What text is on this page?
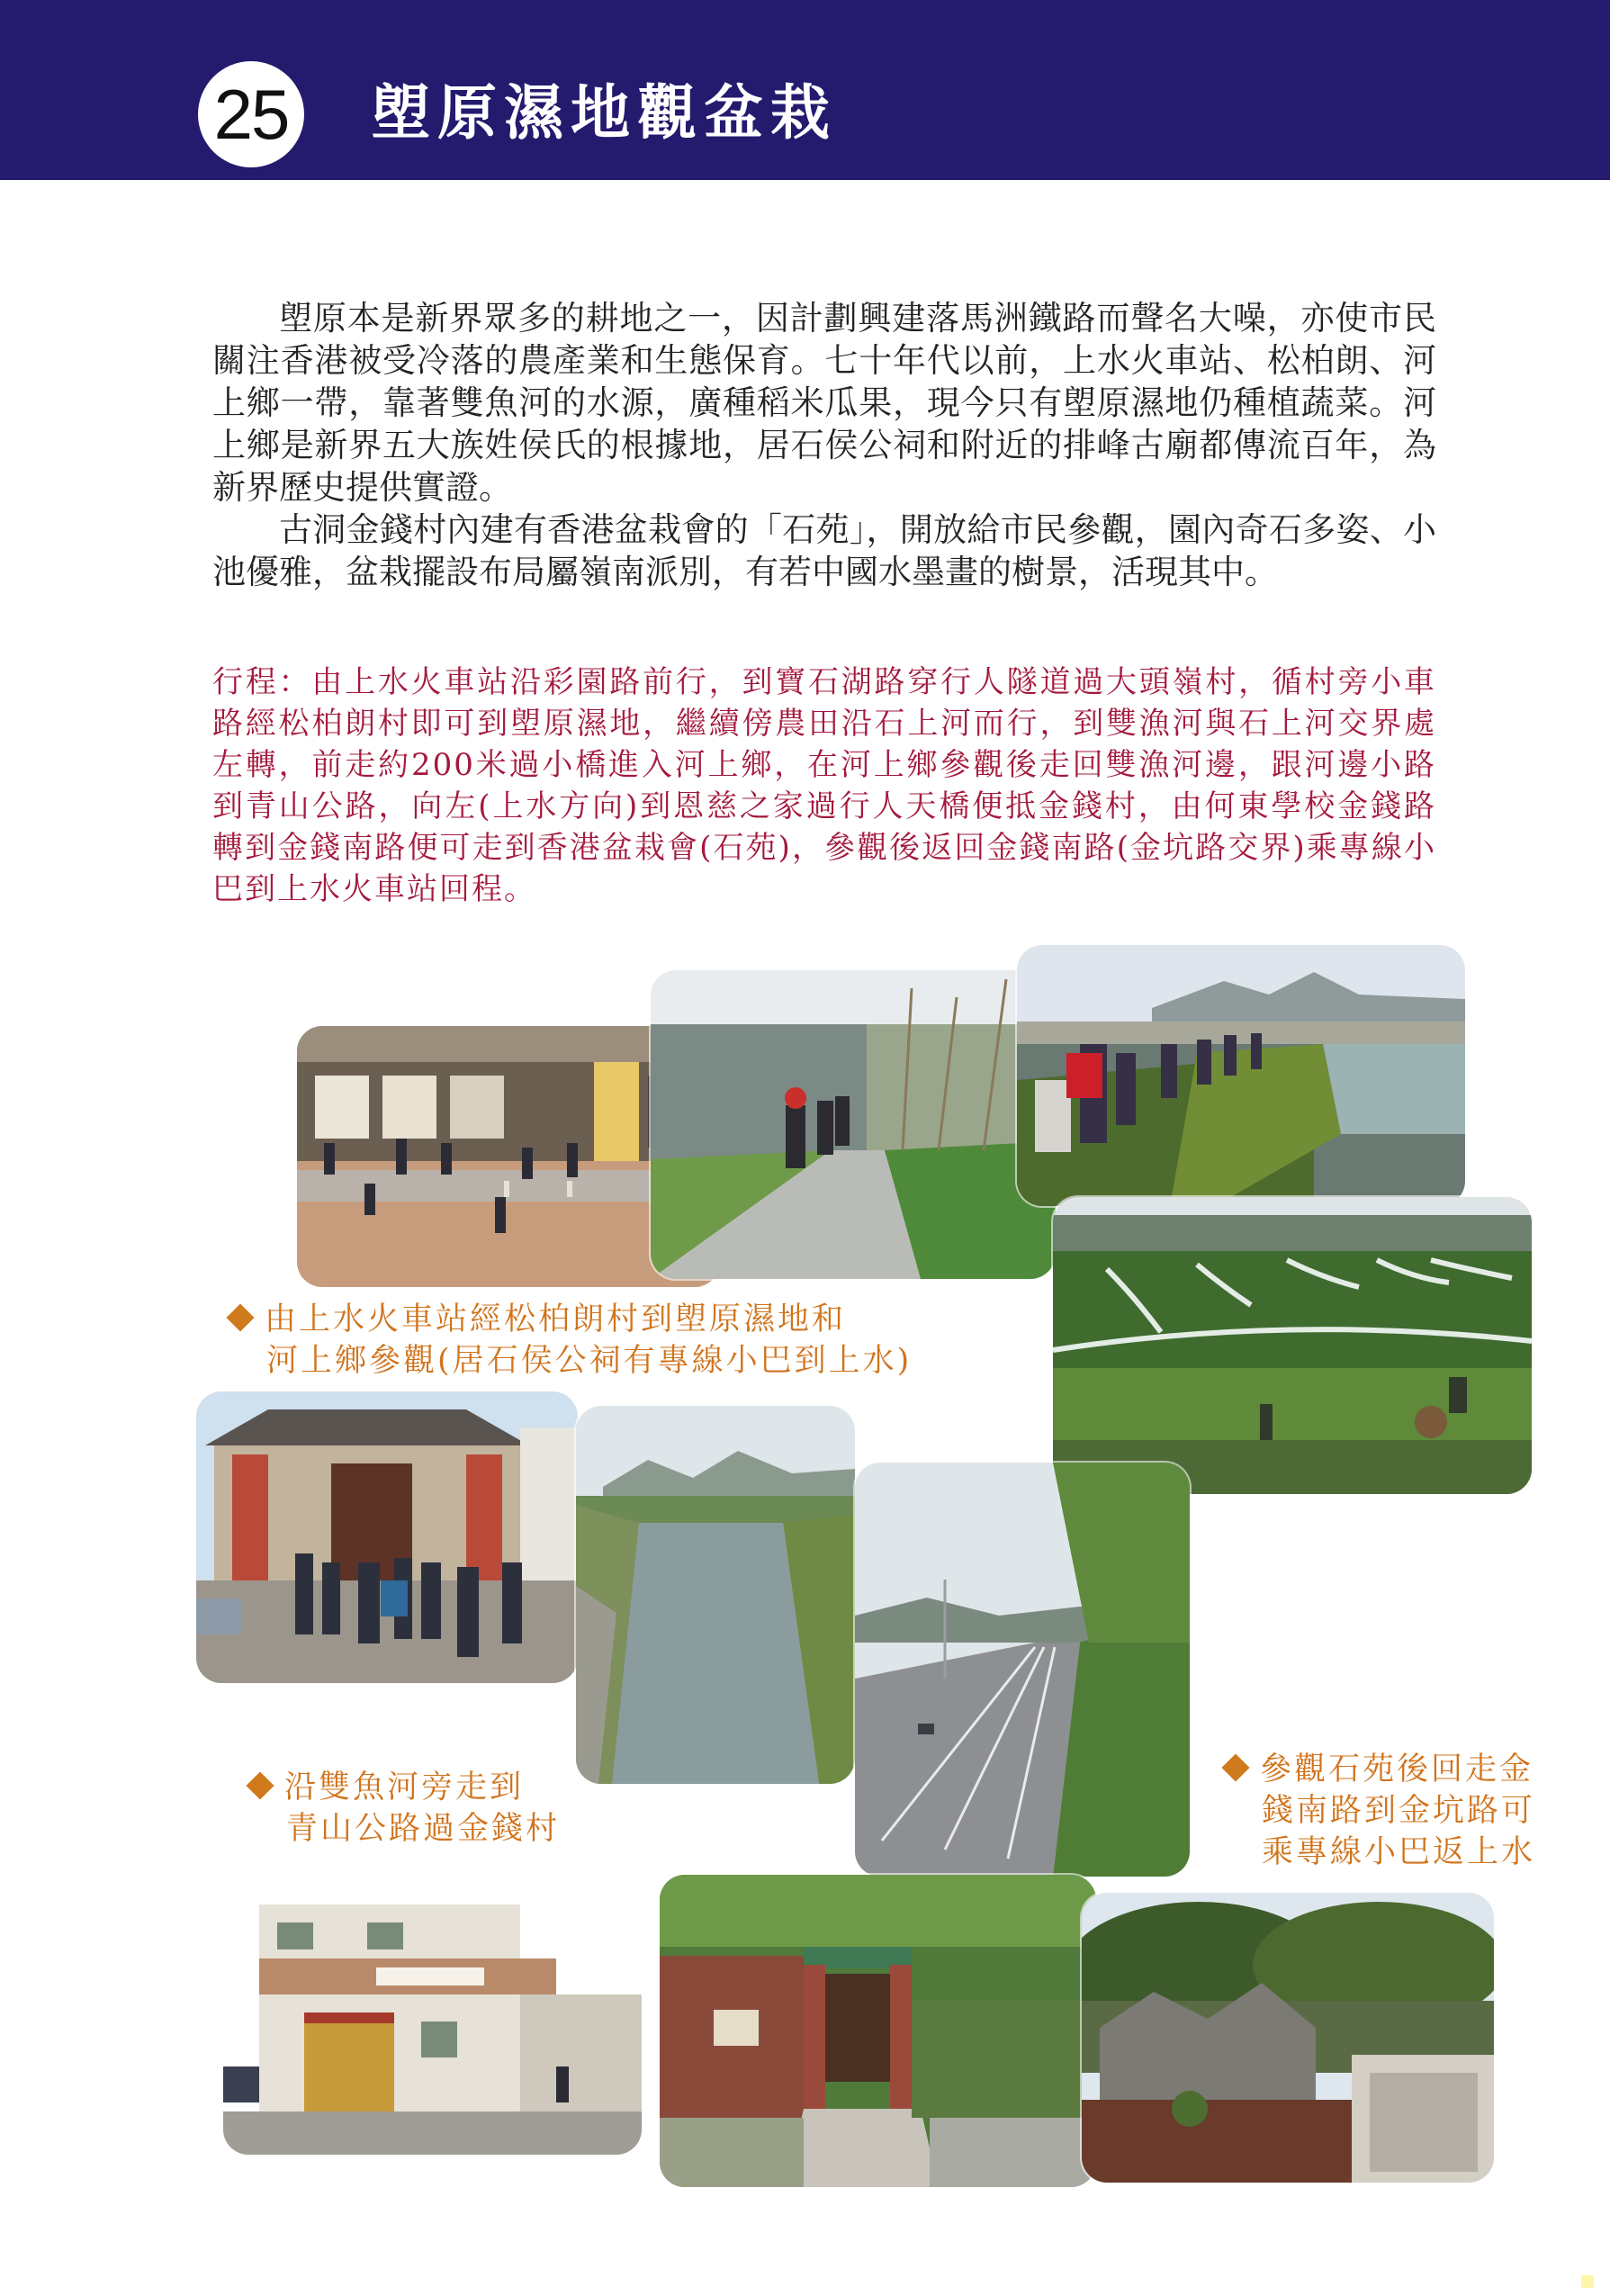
25 塱原濕地觀盆栽

塱原本是新界眾多的耕地之一，因計劃興建落馬洲鐵路而聲名大噪，亦使市民關注香港被受冷落的農產業和生態保育。七十年代以前，上水火車站、松柏朗、河上鄉一帶，靠著雙魚河的水源，廣種稻米瓜果，現今只有塱原濕地仍種植蔬菜。河上鄉是新界五大族姓侯氏的根據地，居石侯公祠和附近的排峰古廟都傳流百年，為新界歷史提供實證。

古洞金錢村內建有香港盆栽會的「石苑」，開放給市民參觀，園內奇石多姿、小池優雅，盆栽擺設布局屬嶺南派別，有若中國水墨畫的樹景，活現其中。

行程：由上水火車站沿彩園路前行，到寶石湖路穿行人隧道過大頭嶺村，循村旁小車路經松柏朗村即可到塱原濕地，繼續傍農田沿石上河而行，到雙漁河與石上河交界處左轉，前走約200米過小橋進入河上鄉，在河上鄉參觀後走回雙漁河邊，跟河邊小路到青山公路，向左(上水方向)到恩慈之家過行人天橋便抵金錢村，由何東學校金錢路轉到金錢南路便可走到香港盆栽會(石苑)，參觀後返回金錢南路(金坑路交界)乘專線小巴到上水火車站回程。

由上水火車站經松柏朗村到塱原濕地和
河上鄉參觀(居石侯公祠有專線小巴到上水)
沿雙魚河旁走到
青山公路過金錢村
參觀石苑後回走金
錢南路到金坑路可
乘專線小巴返上水
